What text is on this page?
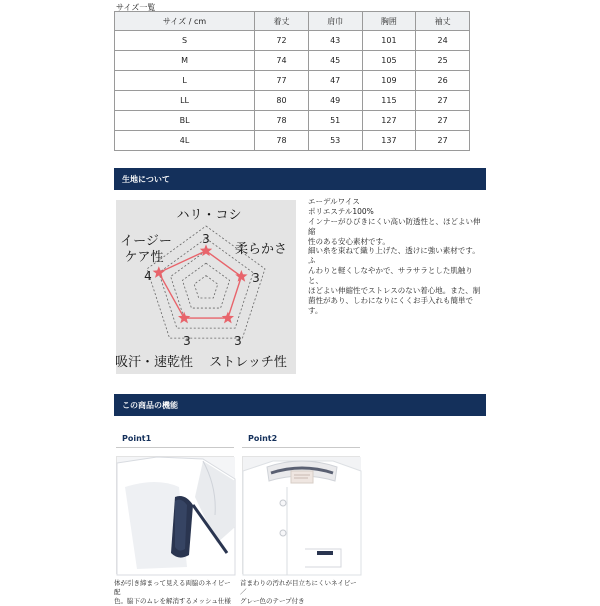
サイズ一覧
サイズ / cm	着丈	肩巾	胸囲	袖丈
S	72	43	101	24
M	74	45	105	25
L	77	47	109	26
LL	80	49	115	27
BL	78	51	127	27
4L	78	53	137	27
生地について
ハリ・コシ
3
柔らかさ
3
ストレッチ性
3
吸汗・速乾性
3
イージー
ケア性
4

エーデルワイス

ポリエステル100%

インナーがひびきにくい高い防透性と、ほどよい伸縮

性のある安心素材です。

細い糸を束ねて織り上げた、透けに強い素材です。ふ

んわりと軽くしなやかで、サラサラとした肌触りと、

ほどよい伸縮性でストレスのない着心地。また、制

菌性があり、しわになりにくくお手入れも簡単です。

この商品の機能
Point1	Point2
体が引き締まって見える両脇のネイビー配
色。脇下のムレを解消するメッシュ仕様
首まわりの汚れが目立ちにくいネイビー／
グレー色のテープ付き
